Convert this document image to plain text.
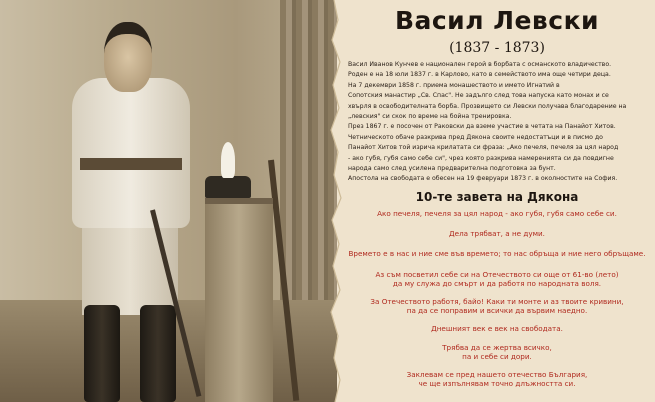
Васил Левски
(1837 - 1873)
Васил Иванов Кунчев е национален герой в борбата с османското владичество.
Роден е на 18 юли 1837 г. в Карлово, като в семейството има още четири деца.
На 7 декември 1858 г. приема монашеството и името Игнатий в
Сопотския манастир „Св. Спас". Не задълго след това напуска като монах и се
хвърля в освободителната борба. Прозвището си Левски получава благодарение на
„левския" си скок по време на бойна тренировка.
През 1867 г. е посочен от Раковски да вземе участие в четата на Панайот Хитов.
Четническото обаче разкрива пред Дякона своите недостатъци и в писмо до
Панайот Хитов той изрича крилатата си фраза: „Ако печеля, печеля за цял народ
- ако губя, губя само себе си", чрез която разкрива намеренията си да повдигне
народа само след усилена предварителна подготовка за бунт.
Апостола на свободата е обесен на 19 февруари 1873 г. в околностите на София.
10-те завета на Дякона

Ако печеля, печеля за цял народ - ако губя, губя само себе си.

Дела трябват, а не думи.

Времето е в нас и ние сме във времето; то нас обръща и ние него обръщаме.

Аз съм посветил себе си на Отечеството си още от 61-во (лето)

да му служа до смърт и да работя по народната воля.

За Отечеството работя, байо! Каки ти монте и аз твоите кривини,

па да се поправим и всички да вървим наедно.

Днешният век е век на свободата.

Трябва да се жертва всичко,

па и себе си дори.

Заклевам се пред нашето отечество България,

че ще изпълнявам точно длъжността си.
